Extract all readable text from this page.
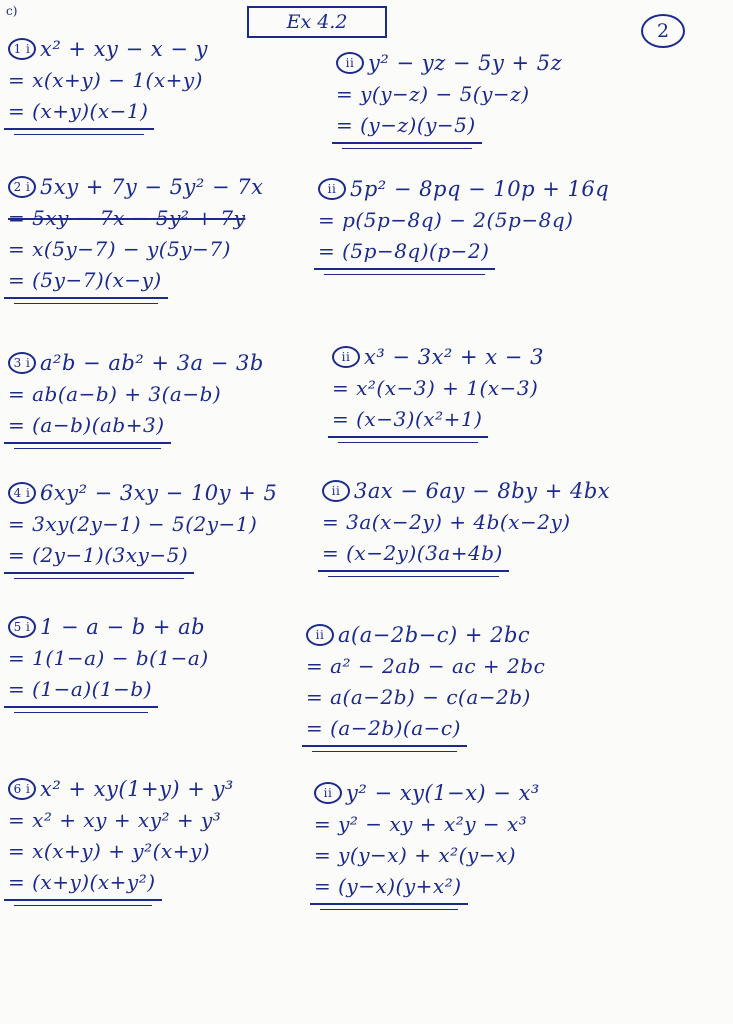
c)	Ex 4.2	2
1 i x² + xy − x − y
= x(x+y) − 1(x+y)
= (x+y)(x−1)
ii y² − yz − 5y + 5z
= y(y−z) − 5(y−z)
= (y−z)(y−5)
2 i 5xy + 7y − 5y² − 7x
= 5xy − 7x − 5y² + 7y
= x(5y−7) − y(5y−7)
= (5y−7)(x−y)
ii 5p² − 8pq − 10p + 16q
= p(5p−8q) − 2(5p−8q)
= (5p−8q)(p−2)
3 i a²b − ab² + 3a − 3b
= ab(a−b) + 3(a−b)
= (a−b)(ab+3)
ii x³ − 3x² + x − 3
= x²(x−3) + 1(x−3)
= (x−3)(x²+1)
4 i 6xy² − 3xy − 10y + 5
= 3xy(2y−1) − 5(2y−1)
= (2y−1)(3xy−5)
ii 3ax − 6ay − 8by + 4bx
= 3a(x−2y) + 4b(x−2y)
= (x−2y)(3a+4b)
5 i 1 − a − b + ab
= 1(1−a) − b(1−a)
= (1−a)(1−b)
ii a(a−2b−c) + 2bc
= a² − 2ab − ac + 2bc
= a(a−2b) − c(a−2b)
= (a−2b)(a−c)
6 i x² + xy(1+y) + y³
= x² + xy + xy² + y³
= x(x+y) + y²(x+y)
= (x+y)(x+y²)
ii y² − xy(1−x) − x³
= y² − xy + x²y − x³
= y(y−x) + x²(y−x)
= (y−x)(y+x²)
